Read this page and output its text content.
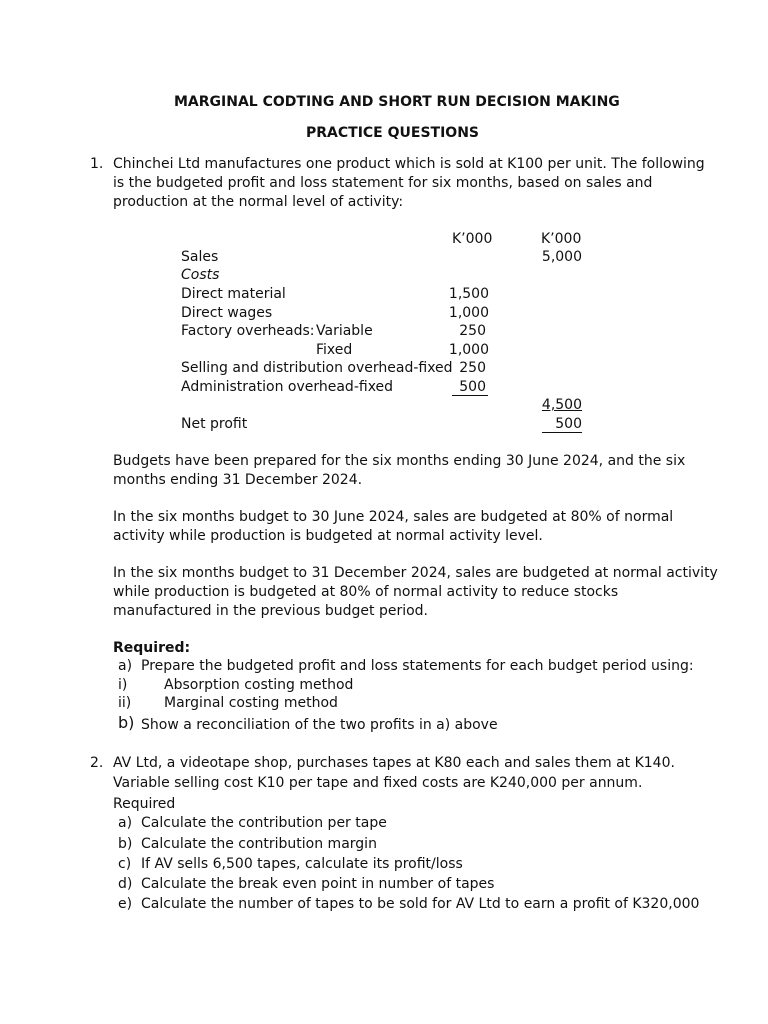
MARGINAL CODTING AND SHORT RUN DECISION MAKING
PRACTICE QUESTIONS
1. Chinchei Ltd manufactures one product which is sold at K100 per unit. The following
is the budgeted profit and loss statement for six months, based on sales and
production at the normal level of activity:
K’000	K’000
Sales	5,000
Costs
Direct material	1,500
Direct wages	1,000
Factory overheads: Variable	250
Fixed	1,000
Selling and distribution overhead-fixed 250
Administration overhead-fixed	500
4,500
Net profit	500
Budgets have been prepared for the six months ending 30 June 2024, and the six
months ending 31 December 2024.
In the six months budget to 30 June 2024, sales are budgeted at 80% of normal
activity while production is budgeted at normal activity level.
In the six months budget to 31 December 2024, sales are budgeted at normal activity
while production is budgeted at 80% of normal activity to reduce stocks
manufactured in the previous budget period.
Required:
a) Prepare the budgeted profit and loss statements for each budget period using:
i)	Absorption costing method
ii) Marginal costing method
b) Show a reconciliation of the two profits in a) above
2. AV Ltd, a videotape shop, purchases tapes at K80 each and sales them at K140.
Variable selling cost K10 per tape and fixed costs are K240,000 per annum.
Required
a) Calculate the contribution per tape
b) Calculate the contribution margin
c) If AV sells 6,500 tapes, calculate its profit/loss
d) Calculate the break even point in number of tapes
e) Calculate the number of tapes to be sold for AV Ltd to earn a profit of K320,000
